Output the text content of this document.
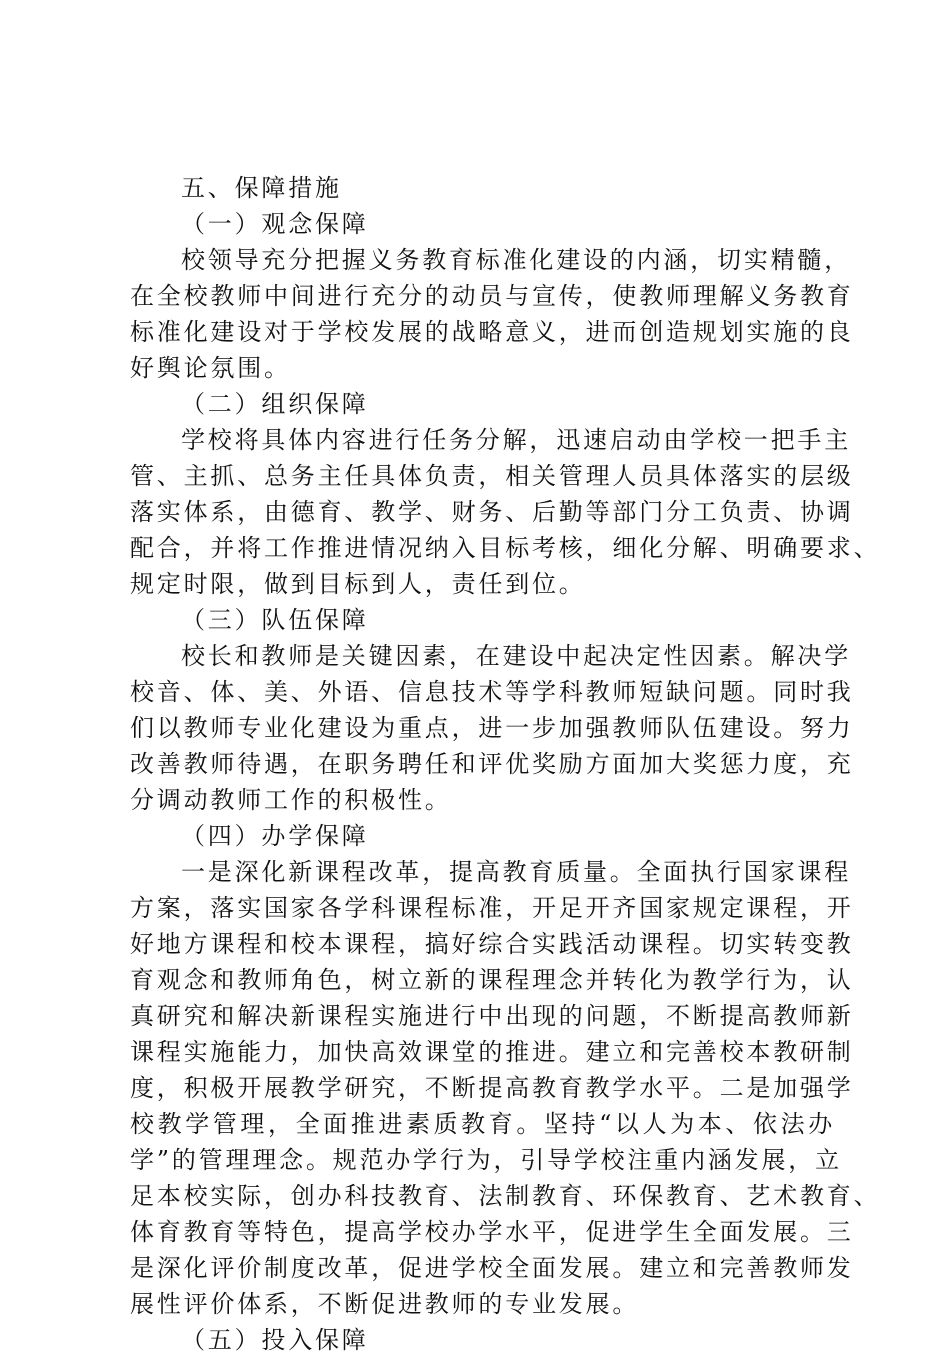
五、保障措施
（一）观念保障
校领导充分把握义务教育标准化建设的内涵，切实精髓，
在全校教师中间进行充分的动员与宣传，使教师理解义务教育
标准化建设对于学校发展的战略意义，进而创造规划实施的良
好舆论氛围。
（二）组织保障
学校将具体内容进行任务分解，迅速启动由学校一把手主
管、主抓、总务主任具体负责，相关管理人员具体落实的层级
落实体系，由德育、教学、财务、后勤等部门分工负责、协调
配合，并将工作推进情况纳入目标考核，细化分解、明确要求、
规定时限，做到目标到人，责任到位。
（三）队伍保障
校长和教师是关键因素，在建设中起决定性因素。解决学
校音、体、美、外语、信息技术等学科教师短缺问题。同时我
们以教师专业化建设为重点，进一步加强教师队伍建设。努力
改善教师待遇，在职务聘任和评优奖励方面加大奖惩力度，充
分调动教师工作的积极性。
（四）办学保障
一是深化新课程改革，提高教育质量。全面执行国家课程
方案，落实国家各学科课程标准，开足开齐国家规定课程，开
好地方课程和校本课程，搞好综合实践活动课程。切实转变教
育观念和教师角色，树立新的课程理念并转化为教学行为，认
真研究和解决新课程实施进行中出现的问题，不断提高教师新
课程实施能力，加快高效课堂的推进。建立和完善校本教研制
度，积极开展教学研究，不断提高教育教学水平。二是加强学
校教学管理，全面推进素质教育。坚持“以人为本、依法办
学”的管理理念。规范办学行为，引导学校注重内涵发展，立
足本校实际，创办科技教育、法制教育、环保教育、艺术教育、
体育教育等特色，提高学校办学水平，促进学生全面发展。三
是深化评价制度改革，促进学校全面发展。建立和完善教师发
展性评价体系，不断促进教师的专业发展。
（五）投入保障
